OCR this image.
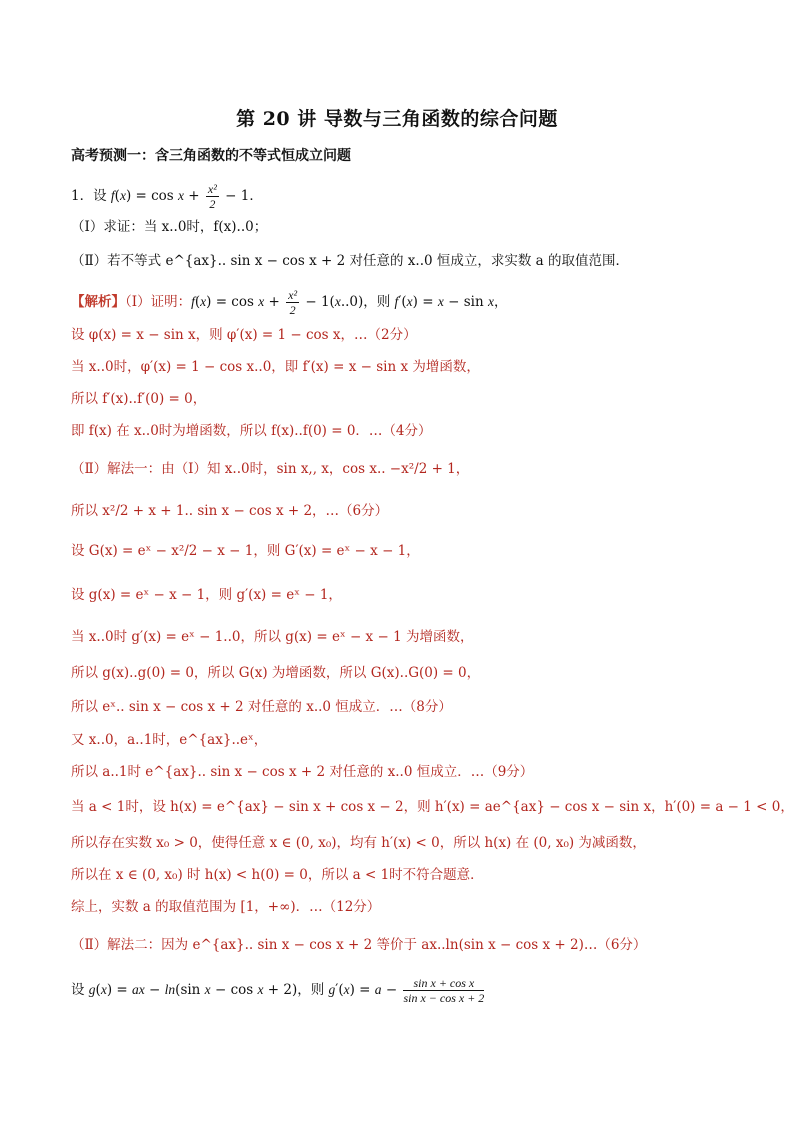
第 20 讲 导数与三角函数的综合问题
高考预测一：含三角函数的不等式恒成立问题
1．设 $f(x) = \cos x + \frac{\text{x²}}{2} - 1$．
（Ⅰ）求证：当 x..0时，f(x)..0；
（Ⅱ）若不等式 e^{ax}.. sin x − cos x + 2 对任意的 x..0 恒成立，求实数 a 的取值范围．
【解析】（Ⅰ）证明：$f(x) = \cos x + \frac{\text{x²}}{2} - 1(x..0)$，则 f′(x) = x − sin x，
设 φ(x) = x − sin x，则 φ′(x) = 1 − cos x，…（2分）
当 x..0时，φ′(x) = 1 − cos x..0，即 f′(x) = x − sin x 为增函数，
所以 f′(x)..f′(0) = 0，
即 f(x) 在 x..0时为增函数，所以 f(x)..f(0) = 0．…（4分）
（Ⅱ）解法一：由（Ⅰ）知 x..0时，sin x,, x，cos x.. −x²/2 + 1，
所以 x²/2 + x + 1.. sin x − cos x + 2，…（6分）
设 G(x) = eˣ − x²/2 − x − 1，则 G′(x) = eˣ − x − 1，
设 g(x) = eˣ − x − 1，则 g′(x) = eˣ − 1，
当 x..0时 g′(x) = eˣ − 1..0，所以 g(x) = eˣ − x − 1 为增函数，
所以 g(x)..g(0) = 0，所以 G(x) 为增函数，所以 G(x)..G(0) = 0，
所以 eˣ.. sin x − cos x + 2 对任意的 x..0 恒成立．…（8分）
又 x..0，a..1时，e^{ax}..eˣ，
所以 a..1时 e^{ax}.. sin x − cos x + 2 对任意的 x..0 恒成立．…（9分）
当 a < 1时，设 h(x) = e^{ax} − sin x + cos x − 2，则 h′(x) = ae^{ax} − cos x − sin x，h′(0) = a − 1 < 0，
所以存在实数 x₀ > 0，使得任意 x ∈ (0, x₀)，均有 h′(x) < 0，所以 h(x) 在 (0, x₀) 为减函数，
所以在 x ∈ (0, x₀) 时 h(x) < h(0) = 0，所以 a < 1时不符合题意．
综上，实数 a 的取值范围为 [1，+∞)．…（12分）
（Ⅱ）解法二：因为 e^{ax}.. sin x − cos x + 2 等价于 ax..ln(sin x − cos x + 2)…（6分）
设 g(x) = ax − ln(sin x − cos x + 2)，则 $g'(x) = a - \frac{\text{sin x + cos x}}{\text{sin x − cos x + 2}}$
